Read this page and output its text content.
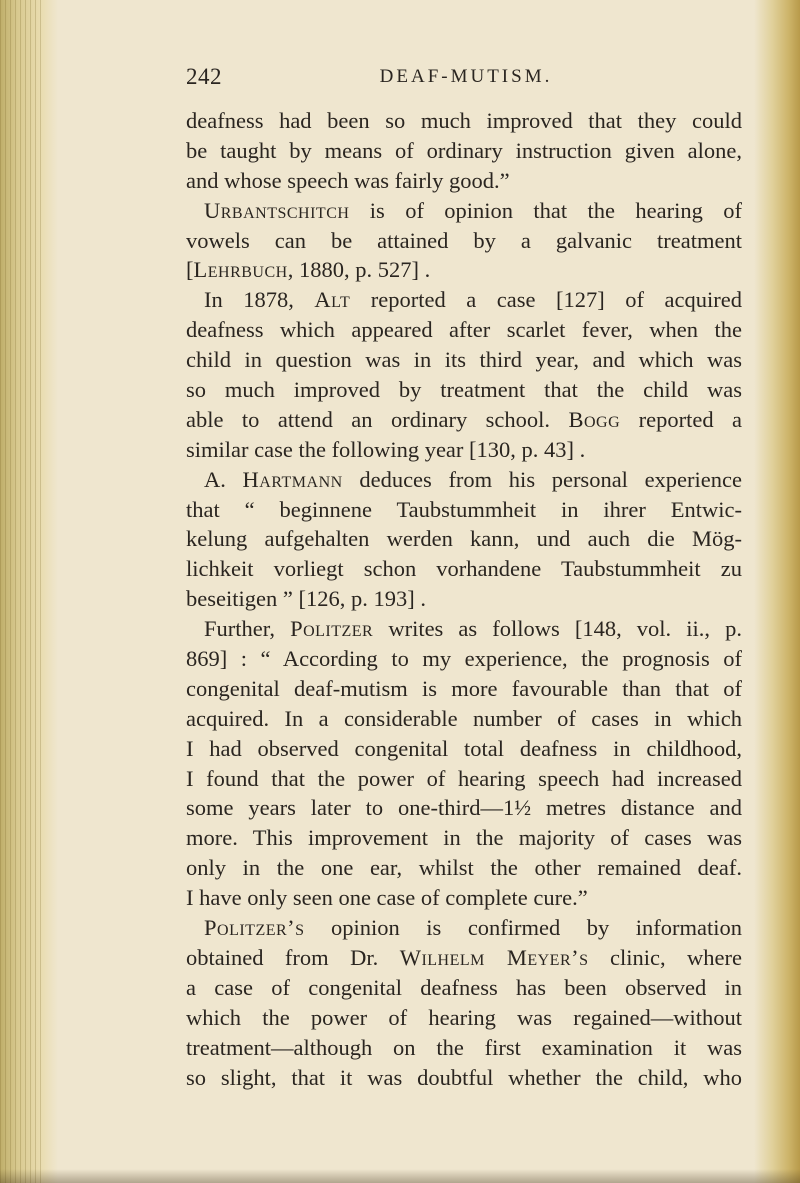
242	DEAF-MUTISM.
deafness had been so much improved that they could
be taught by means of ordinary instruction given alone,
and whose speech was fairly good.”
Urbantschitch is of opinion that the hearing of
vowels can be attained by a galvanic treatment
[Lehrbuch, 1880, p. 527] .
In 1878, Alt reported a case [127] of acquired
deafness which appeared after scarlet fever, when the
child in question was in its third year, and which was
so much improved by treatment that the child was
able to attend an ordinary school. Bogg reported a
similar case the following year [130, p. 43] .
A. Hartmann deduces from his personal experience
that “ beginnene Taubstummheit in ihrer Entwic-
kelung aufgehalten werden kann, und auch die Mög-
lichkeit vorliegt schon vorhandene Taubstummheit zu
beseitigen ” [126, p. 193] .
Further, Politzer writes as follows [148, vol. ii., p.
869] : “ According to my experience, the prognosis of
congenital deaf-mutism is more favourable than that of
acquired. In a considerable number of cases in which
I had observed congenital total deafness in childhood,
I found that the power of hearing speech had increased
some years later to one-third—1½ metres distance and
more. This improvement in the majority of cases was
only in the one ear, whilst the other remained deaf.
I have only seen one case of complete cure.”
Politzer’s opinion is confirmed by information
obtained from Dr. Wilhelm Meyer’s clinic, where
a case of congenital deafness has been observed in
which the power of hearing was regained—without
treatment—although on the first examination it was
so slight, that it was doubtful whether the child, who
